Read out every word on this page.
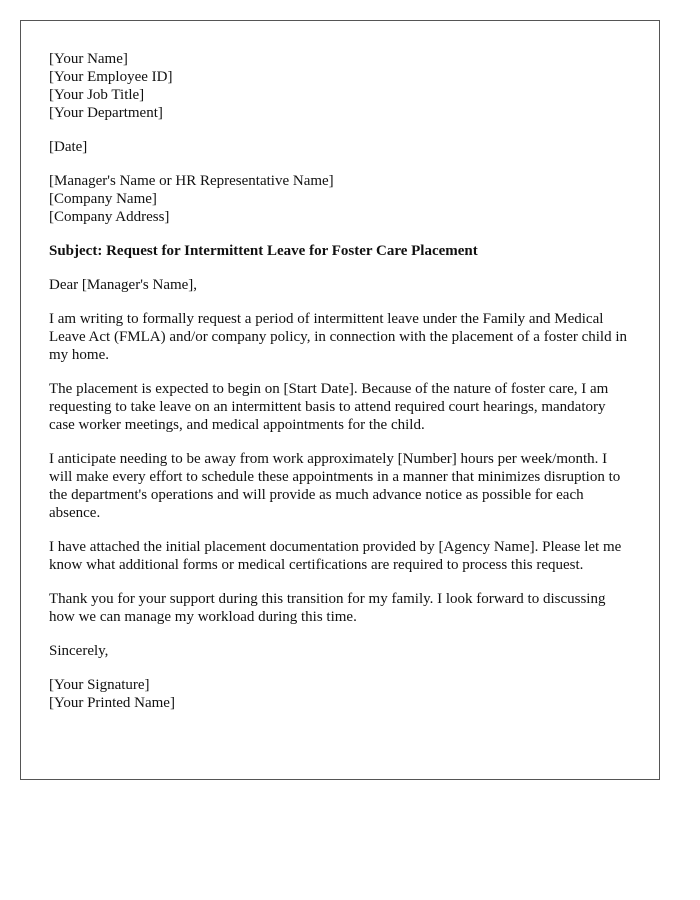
[Your Name]
[Your Employee ID]
[Your Job Title]
[Your Department]
[Date]
[Manager's Name or HR Representative Name]
[Company Name]
[Company Address]
Subject: Request for Intermittent Leave for Foster Care Placement
Dear [Manager's Name],
I am writing to formally request a period of intermittent leave under the Family and Medical Leave Act (FMLA) and/or company policy, in connection with the placement of a foster child in my home.
The placement is expected to begin on [Start Date]. Because of the nature of foster care, I am requesting to take leave on an intermittent basis to attend required court hearings, mandatory case worker meetings, and medical appointments for the child.
I anticipate needing to be away from work approximately [Number] hours per week/month. I will make every effort to schedule these appointments in a manner that minimizes disruption to the department's operations and will provide as much advance notice as possible for each absence.
I have attached the initial placement documentation provided by [Agency Name]. Please let me know what additional forms or medical certifications are required to process this request.
Thank you for your support during this transition for my family. I look forward to discussing how we can manage my workload during this time.
Sincerely,
[Your Signature]
[Your Printed Name]
